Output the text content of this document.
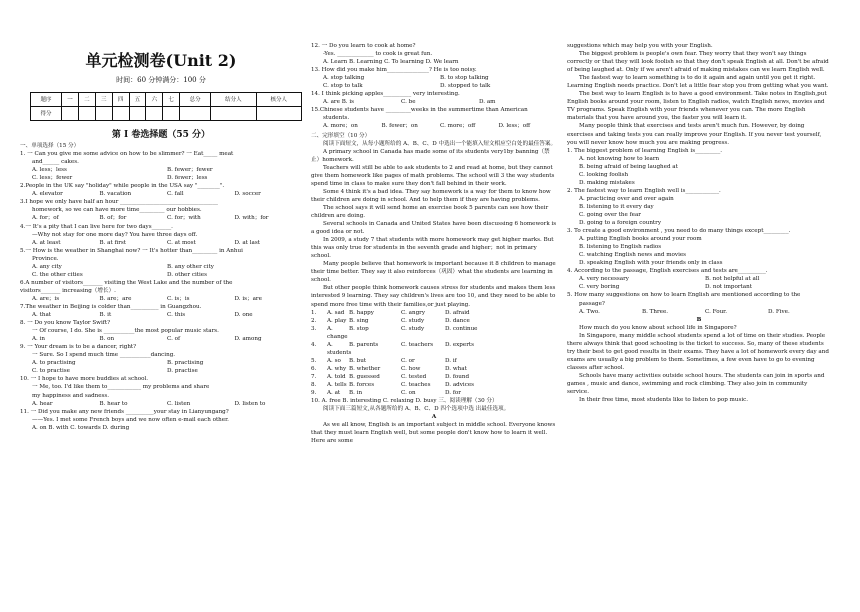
单元检测卷(Unit 2)
时间：60 分钟满分：100 分
题序	一	二	三	四	五	六	七	总分	结分人	核分人
得分										
第 I 卷选择题（55 分）
一、单项选择（15 分）
1. 一 Can you give me some advice on how to be slimmer? 一 Eat_____ meat
and______ cakes.
A. less；less	B. fewer；fewer
C. less；fewer	D. fewer；less
2.People in the UK say "holiday" while people in the USA say "________".
A. elevator	B. vacation	C. fall	D. soccer
3.I hope we only have half an hour ___________________________________
homework, so we can have more time_________ our hobbies.
A. for；of	B. of；for	C. for；with	D. with；for
4.一 It's a pity that I can live here for two days_______.
—Why not stay for one more day? You have three days off.
A. at least	B. at first	C. at most	D. at last
5.一 How is the weather in Shanghai now? 一 It's hotter than_________ in Anhui
Province.
A. any city	B. any other city
C. the other cities	D. other cities
6.A number of visitors_______ visiting the West Lake and the number of the
visitors_______ increasing（增长）.
A. are；is	B. are；are	C. is；is	D. is；are
7.The weather in Beijing is colder than__________ in Guangzhou.
A. that	B. it	C. this	D. one
8. 一 Do you know Taylor Swift?
一 Of course, I do. She is ___________the most popular music stars.
A. in	B. on	C. of	D. among
9. 一 Your dream is to be a dancer, right?
一 Sure. So I spend much time ___________dancing.
A. to practising	B. practising
C. to practise	D. practise
10. 一 I hope to have more buddies at school.
一 Me, too. I'd like them to____________ my problems and share
my happiness and sadness.
A. hear	B. hear to	C. listen	D. listen to
11. 一 Did you make any new friends __________your stay in Lianyungang?
——Yes. I met some French boys and we now often e-mail each other.
A. on B. with C. towards D. during
12. 一 Do you learn to cook at home?
-Yes. _____________ to cook is great fun.
A. Learn B. Learning C. To learning D. We learn
13. How did you make him_______________? He is too noisy.
A. stop talking	B. to stop talking
C. stop to talk	D. stopped to talk
14. I think picking apples__________ very interesting.
A. are B. is	C. be	D. am
15.Chinese students have _________weeks in the summertime than American
students.
A. more；on	B. fewer；on	C. more；off	D. less；off
二、完形填空（10 分）
阅读下面短文，从每小题所给的 A、B、C、D 中选出一个能填入短文相应空白处的最佳答案。
A primary school in Canada has made some of its students very1by banning（禁止）homework.
Teachers will still be able to ask students to 2 and read at home, but they cannot give them homework like pages of math problems. The school will 3 the way students spend time in class to make sure they don't fall behind in their work.
Some 4 think it's a bad idea. They say homework is a way for them to know how their children are doing in school. And to help them if they are having problems.
The school says it will send home an exercise book 5 parents can see how their children are doing.
Several schools in Canada and United States have been discussing 6 homework is a good idea or not.
In 2009, a study 7 that students with more homework may get higher marks. But this was only true for students in the seventh grade and higher；not in primary school.
Many people believe that homework is important because it 8 children to manage their time better. They say it also reinforces（巩固）what the students are learning in school.
But other people think homework causes stress for students and makes them less interested 9 learning. They say children's lives are too 10, and they need to be able to spend more free time with their families,or just playing.
1.	A. sad B. happy	C. angry	D. afraid
2.	A. play B. sing	C. study	D. dance
3.	A. change
B. stop	C. study	D. continue
4.	A. students
B. parents	C. teachers	D. experts
5.	A. so	B. but	C. or	D. if
6.	A. why B. whether	C. how	D. what
7.	A. told B. guessed	C. tested	D. found
8.	A. tells B. forces	C. teaches	D. advices
9.	A. at	B. in	C. on	D. for
10. A. free B. interesting C. relaxing D. busy 三、阅读理解（30 分）
阅读下面三篇短文,从各题所给的 A、B、C、D 四个选项中选 出最佳选项。
A
As we all know, English is an important subject in middle school. Everyone knows that they must learn English well, but some people don't know how to learn it well. Here are some
suggestions which may help you with your English.
The biggest problem is people's own fear. They worry that they won't say things correctly or that they will look foolish so that they don't speak English at all. Don't be afraid of being laughed at. Only if we aren't afraid of making mistakes can we learn English well.
The fastest way to learn something is to do it again and again until you get it right. Learning English needs practice. Don't let a little fear stop you from getting what you want.
The best way to learn English is to have a good environment. Take notes in English,put English books around your room, listen to English radios, watch English news, movies and TV programs. Speak English with your friends whenever you can. The more English materials that you have around you, the faster you will learn it.
Many people think that exercises and tests aren't much fun. However, by doing exercises and taking tests you can really improve your English. If you never test yourself, you will never know how much you are making progress.
1. The biggest problem of learning English is_________.
A. not knowing how to learn
B. being afraid of being laughed at
C. looking foolish
D. making mistakes
2. The fastest way to learn English well is____________.
A. practicing over and over again
B. listening to it every day
C. going over the fear
D. going to a foreign country
3. To create a good environment , you need to do many things except_________.
A. putting English books around your room
B. listening to English radios
C. watching English news and movies
D. speaking English with your friends only in class
4. According to the passage, English exercises and tests are__________.
A. very necessary	B. not helpful at all
C. very boring	D. not important
5. How many suggestions on how to learn English are mentioned according to the
passage?
A. Two.	B. Three.	C. Four.	D. Five.
B
How much do you know about school life in Singapore?
In Singapore, many middle school students spend a lot of time on their studies. People there always think that good schooling is the ticket to success. So, many of these students try their best to get good results in their exams. They have a lot of homework every day and exams are usually a big problem to them. Sometimes, a few even have to go to evening classes after school.
Schools have many activities outside school hours. The students can join in sports and games , music and dance, swimming and rock climbing. They also join in community service.
In their free time, most students like to listen to pop music.
